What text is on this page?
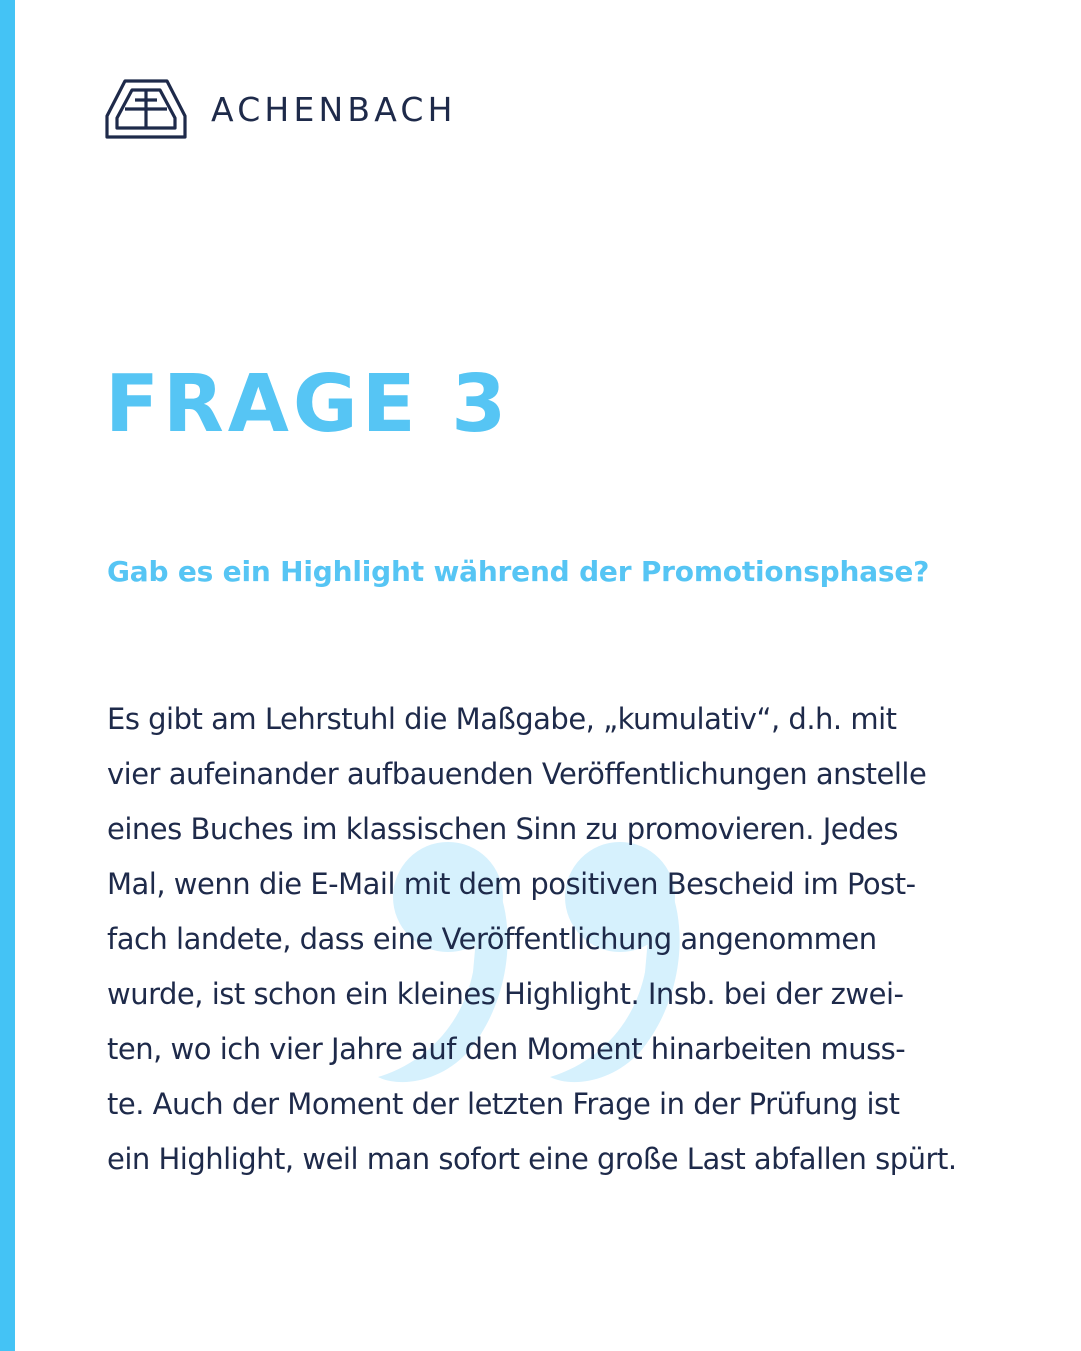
ACHENBACH
FRAGE 3
Gab es ein Highlight während der Promotionsphase?

Es gibt am Lehrstuhl die Maßgabe, „kumulativ“, d.h. mit
vier aufeinander aufbauenden Veröffentlichungen anstelle
eines Buches im klassischen Sinn zu promovieren. Jedes
Mal, wenn die E-Mail mit dem positiven Bescheid im Post-
fach landete, dass eine Veröffentlichung angenommen
wurde, ist schon ein kleines Highlight. Insb. bei der zwei-
ten, wo ich vier Jahre auf den Moment hinarbeiten muss-
te. Auch der Moment der letzten Frage in der Prüfung ist
ein Highlight, weil man sofort eine große Last abfallen spürt.
